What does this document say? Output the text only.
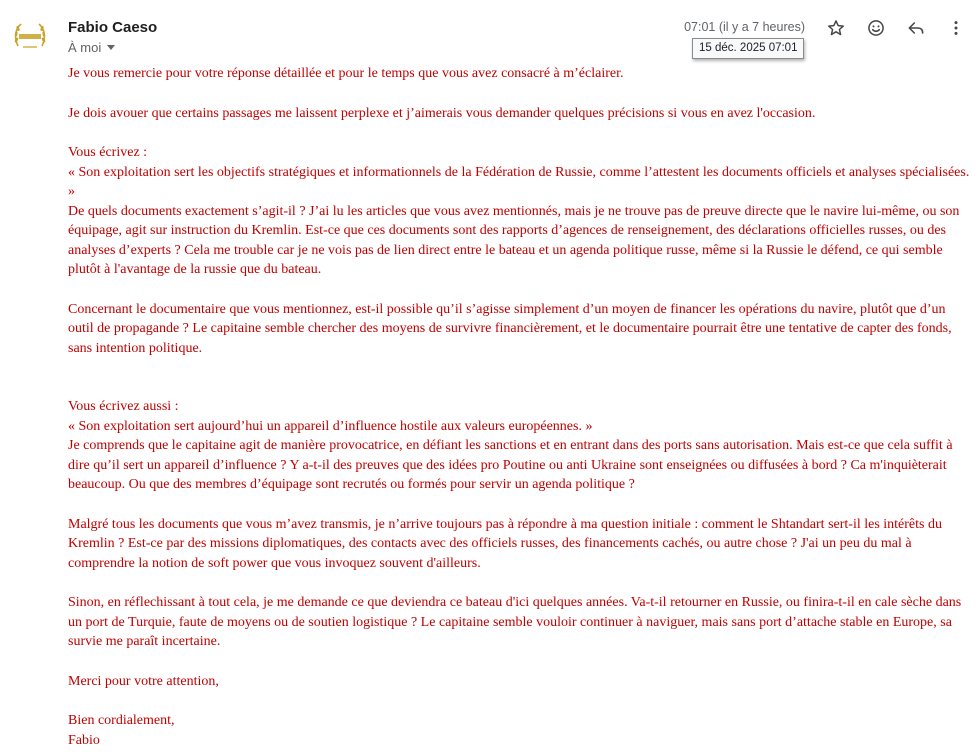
Fabio Caeso
À moi
07:01 (il y a 7 heures)
15 déc. 2025 07:01

Je vous remercie pour votre réponse détaillée et pour le temps que vous avez consacré à m’éclairer.

Je dois avouer que certains passages me laissent perplexe et j’aimerais vous demander quelques précisions si vous en avez l'occasion.

Vous écrivez :

« Son exploitation sert les objectifs stratégiques et informationnels de la Fédération de Russie, comme l’attestent les documents officiels et analyses spécialisées. »

De quels documents exactement s’agit-il ? J’ai lu les articles que vous avez mentionnés, mais je ne trouve pas de preuve directe que le navire lui-même, ou son équipage, agit sur instruction du Kremlin. Est-ce que ces documents sont des rapports d’agences de renseignement, des déclarations officielles russes, ou des analyses d’experts ? Cela me trouble car je ne vois pas de lien direct entre le bateau et un agenda politique russe, même si la Russie le défend, ce qui semble plutôt à l'avantage de la russie que du bateau.

Concernant le documentaire que vous mentionnez, est-il possible qu’il s’agisse simplement d’un moyen de financer les opérations du navire, plutôt que d’un outil de propagande ? Le capitaine semble chercher des moyens de survivre financièrement, et le documentaire pourrait être une tentative de capter des fonds, sans intention politique.

Vous écrivez aussi :

« Son exploitation sert aujourd’hui un appareil d’influence hostile aux valeurs européennes. »

Je comprends que le capitaine agit de manière provocatrice, en défiant les sanctions et en entrant dans des ports sans autorisation. Mais est-ce que cela suffit à dire qu’il sert un appareil d’influence ? Y a-t-il des preuves que des idées pro Poutine ou anti Ukraine sont enseignées ou diffusées à bord ? Ca m'inquièterait beaucoup. Ou que des membres d’équipage sont recrutés ou formés pour servir un agenda politique ?

Malgré tous les documents que vous m’avez transmis, je n’arrive toujours pas à répondre à ma question initiale : comment le Shtandart sert-il les intérêts du Kremlin ? Est-ce par des missions diplomatiques, des contacts avec des officiels russes, des financements cachés, ou autre chose ? J'ai un peu du mal à comprendre la notion de soft power que vous invoquez souvent d'ailleurs.

Sinon, en réflechissant à tout cela, je me demande ce que deviendra ce bateau d'ici quelques années. Va-t-il retourner en Russie, ou finira-t-il en cale sèche dans un port de Turquie, faute de moyens ou de soutien logistique ? Le capitaine semble vouloir continuer à naviguer, mais sans port d’attache stable en Europe, sa survie me paraît incertaine.

Merci pour votre attention,

Bien cordialement,

Fabio
